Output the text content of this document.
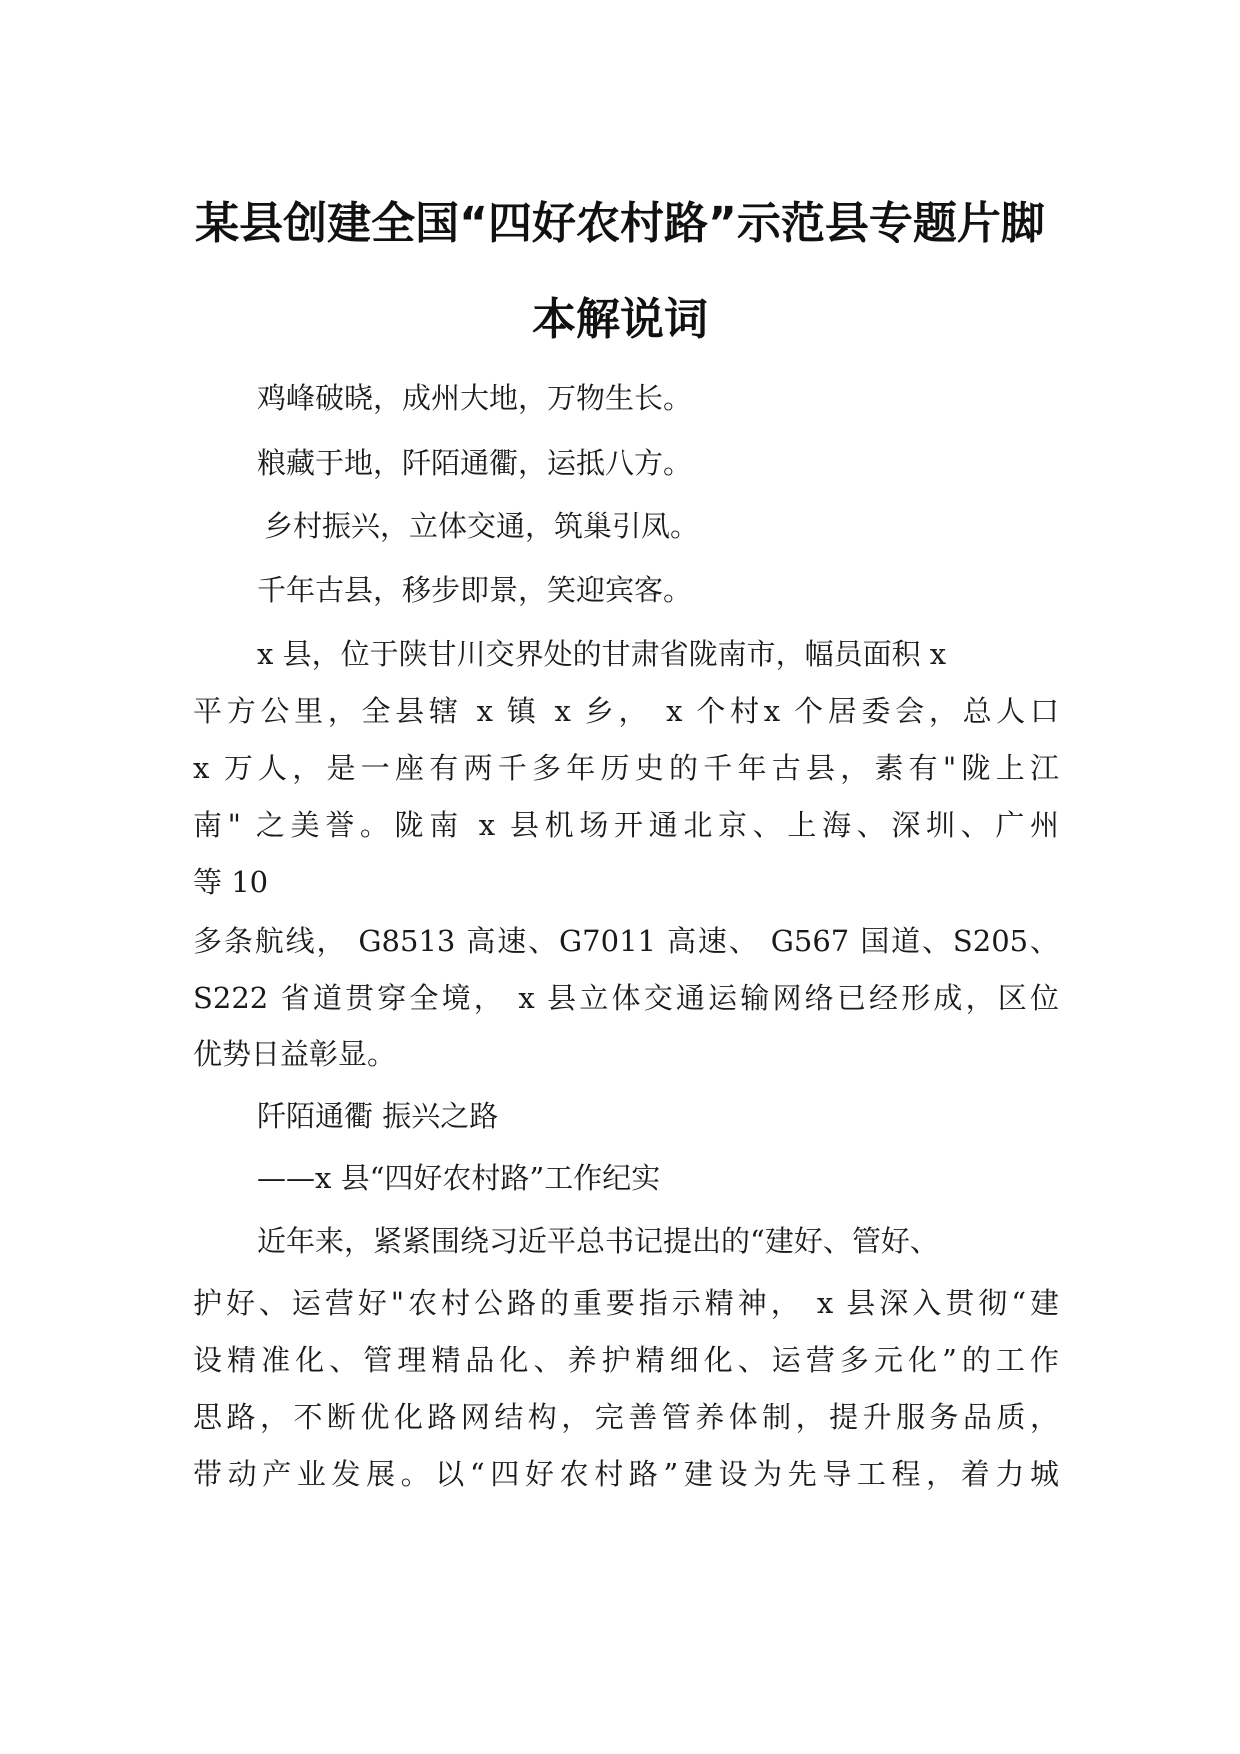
某县创建全国“四好农村路”示范县专题片脚
本解说词
鸡峰破晓，成州大地，万物生长。
粮藏于地，阡陌通衢，运抵八方。
乡村振兴，立体交通，筑巢引凤。
千年古县，移步即景，笑迎宾客。
x 县，位于陕甘川交界处的甘肃省陇南市，幅员面积 x
平方公里，全县辖 x 镇 x 乡， x 个村x 个居委会，总人口
x 万人，是一座有两千多年历史的千年古县，素有"陇上江
南" 之美誉。陇南 x 县机场开通北京、上海、深圳、广州
等 10
多条航线， G8513 高速、G7011 高速、 G567 国道、S205、
S222 省道贯穿全境， x 县立体交通运输网络已经形成，区位
优势日益彰显。
阡陌通衢 振兴之路
——x 县“四好农村路”工作纪实
近年来，紧紧围绕习近平总书记提出的“建好、管好、
护好、运营好"农村公路的重要指示精神， x 县深入贯彻“建
设精准化、管理精品化、养护精细化、运营多元化”的工作
思路，不断优化路网结构，完善管养体制，提升服务品质，
带动产业发展。以“四好农村路”建设为先导工程，着力城
